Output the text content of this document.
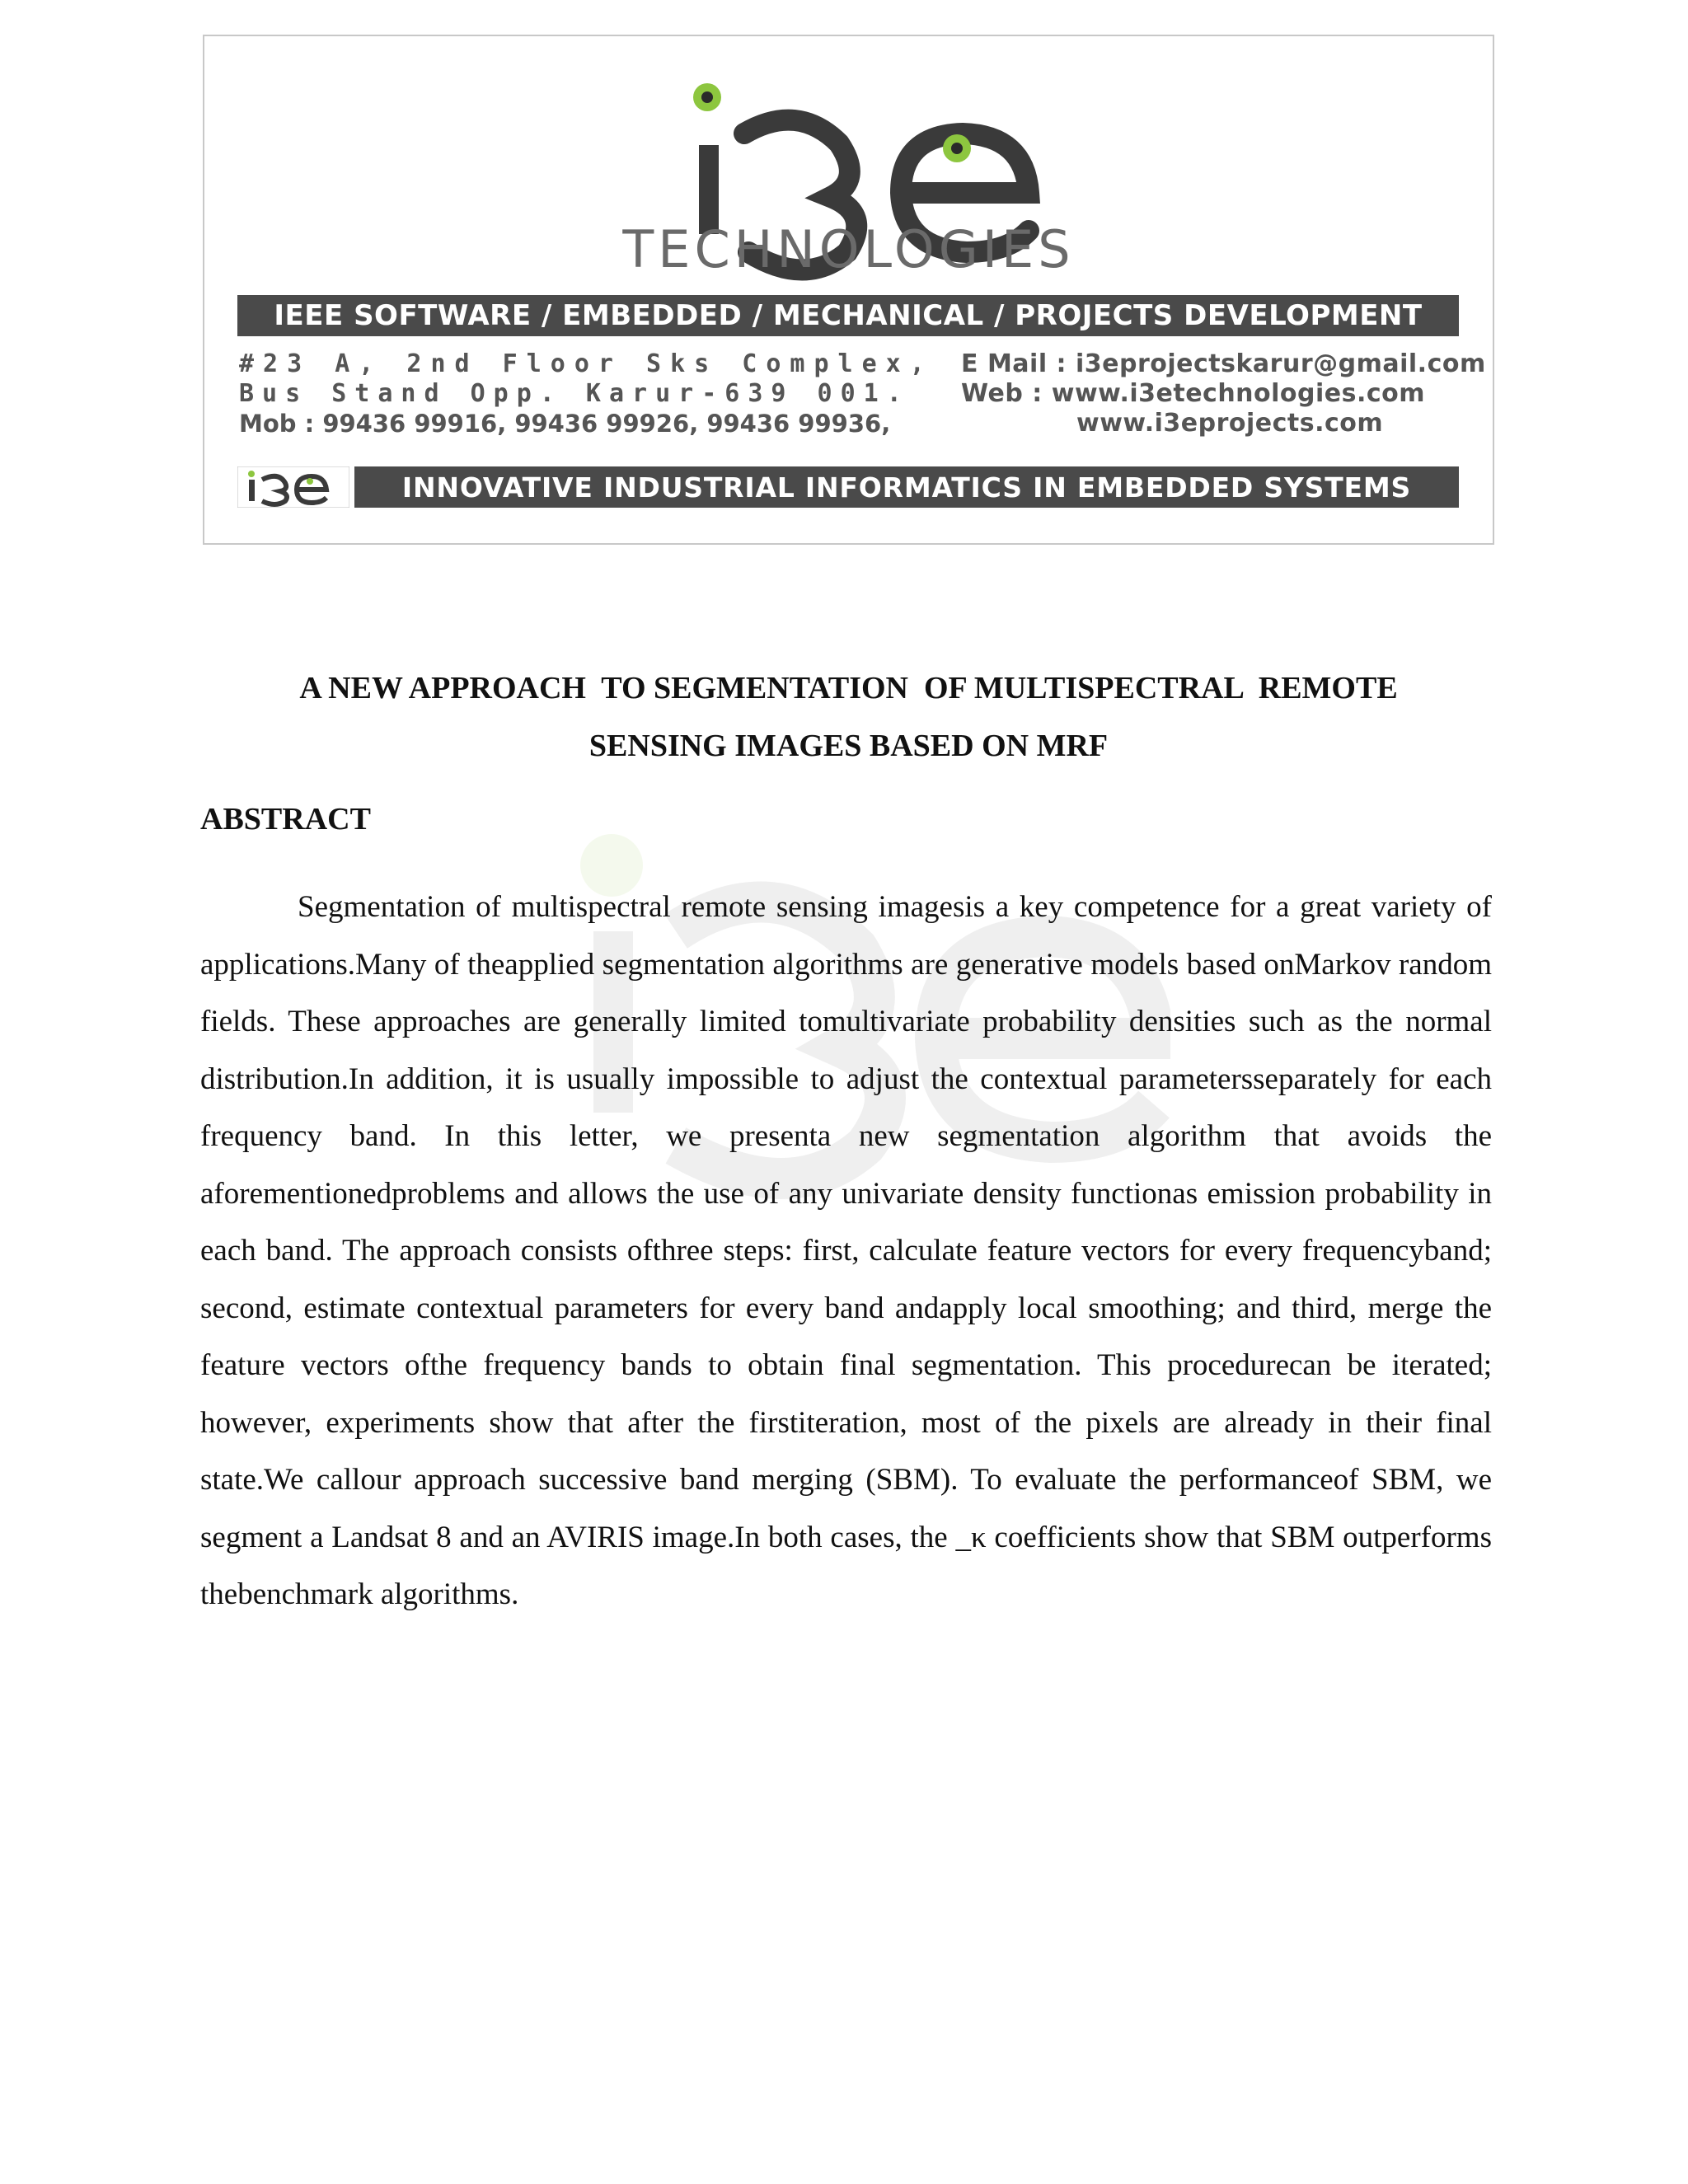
TECHNOLOGIES
IEEE SOFTWARE / EMBEDDED / MECHANICAL / PROJECTS DEVELOPMENT
#23 A, 2nd Floor Sks Complex,
Bus Stand Opp. Karur-639 001.
Mob : 99436 99916, 99436 99926, 99436 99936,
E Mail : i3eprojectskarur@gmail.com
Web : www.i3etechnologies.com
www.i3eprojects.com
INNOVATIVE INDUSTRIAL INFORMATICS IN EMBEDDED SYSTEMS
A NEW APPROACH  TO SEGMENTATION  OF MULTISPECTRAL  REMOTE
SENSING IMAGES BASED ON MRF
ABSTRACT

Segmentation of multispectral remote sensing imagesis a key competence for a great variety of applications.Many of theapplied segmentation algorithms are generative models based onMarkov random fields. These approaches are generally limited tomultivariate probability densities such as the normal distribution.In addition, it is usually impossible to adjust the contextual parametersseparately for each frequency band. In this letter, we presenta new segmentation algorithm that avoids the aforementionedproblems and allows the use of any univariate density functionas emission probability in each band. The approach consists ofthree steps: first, calculate feature vectors for every frequencyband; second, estimate contextual parameters for every band andapply local smoothing; and third, merge the feature vectors ofthe frequency bands to obtain final segmentation. This procedurecan be iterated; however, experiments show that after the firstiteration, most of the pixels are already in their final state.We callour approach successive band merging (SBM). To evaluate the performanceof SBM, we segment a Landsat 8 and an AVIRIS image.In both cases, the _κ coefficients show that SBM outperforms thebenchmark algorithms.
